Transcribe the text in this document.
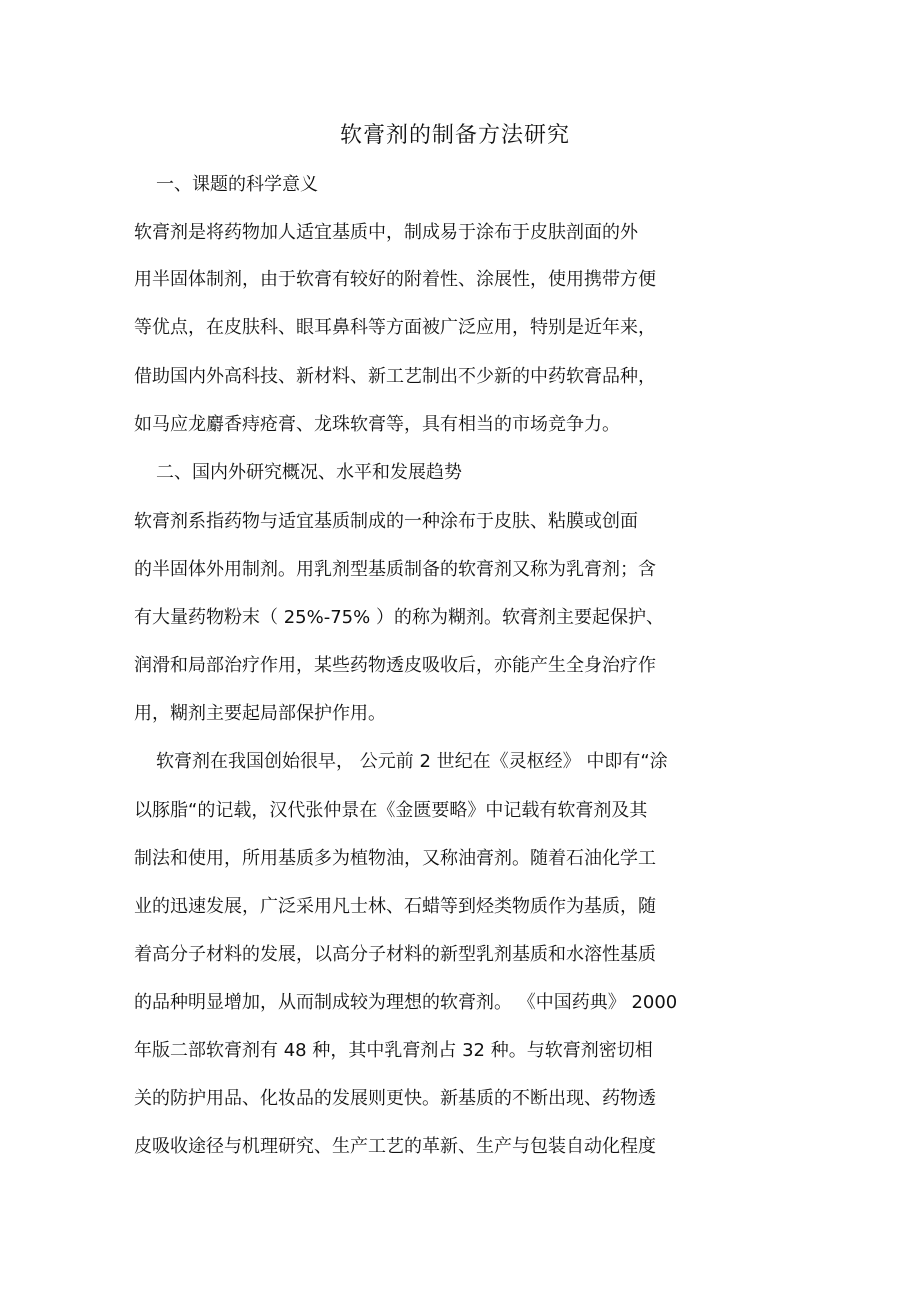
软膏剂的制备方法研究
一、课题的科学意义
软膏剂是将药物加人适宜基质中，制成易于涂布于皮肤剖面的外
用半固体制剂，由于软膏有较好的附着性、涂展性，使用携带方便
等优点，在皮肤科、眼耳鼻科等方面被广泛应用，特别是近年来，
借助国内外高科技、新材料、新工艺制出不少新的中药软膏品种，
如马应龙麝香痔疮膏、龙珠软膏等，具有相当的市场竞争力。
二、国内外研究概况、水平和发展趋势
软膏剂系指药物与适宜基质制成的一种涂布于皮肤、粘膜或创面
的半固体外用制剂。用乳剂型基质制备的软膏剂又称为乳膏剂；含
有大量药物粉末（ 25%-75% ）的称为糊剂。软膏剂主要起保护、
润滑和局部治疗作用，某些药物透皮吸收后，亦能产生全身治疗作
用，糊剂主要起局部保护作用。
软膏剂在我国创始很早， 公元前 2 世纪在《灵枢经》 中即有“涂
以豚脂“的记载，汉代张仲景在《金匮要略》中记载有软膏剂及其
制法和使用，所用基质多为植物油，又称油膏剂。随着石油化学工
业的迅速发展，广泛采用凡士林、石蜡等到烃类物质作为基质，随
着高分子材料的发展，以高分子材料的新型乳剂基质和水溶性基质
的品种明显增加，从而制成较为理想的软膏剂。 《中国药典》 2000
年版二部软膏剂有 48 种，其中乳膏剂占 32 种。与软膏剂密切相
关的防护用品、化妆品的发展则更快。新基质的不断出现、药物透
皮吸收途径与机理研究、生产工艺的革新、生产与包装自动化程度
